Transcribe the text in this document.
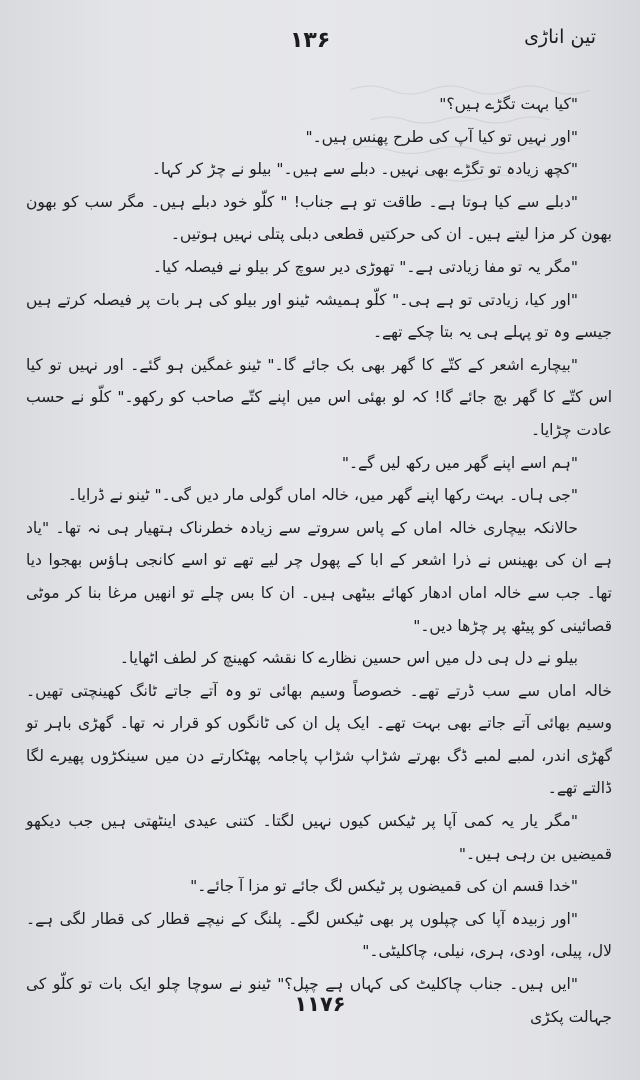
۱۳۶	تین اناڑی

"کیا بہت تگڑے ہیں؟"

"اور نہیں تو کیا آپ کی طرح پھنس ہیں۔"

"کچھ زیادہ تو تگڑے بھی نہیں۔ دبلے سے ہیں۔" بیلو نے چڑ کر کہا۔

"دبلے سے کیا ہوتا ہے۔ طاقت تو ہے جناب! " کلّو خود دبلے ہیں۔ مگر سب کو بھون بھون کر مزا لیتے ہیں۔ ان کی حرکتیں قطعی دبلی پتلی نہیں ہوتیں۔

"مگر یہ تو مفا زیادتی ہے۔" تھوڑی دیر سوچ کر بیلو نے فیصلہ کیا۔

"اور کیا، زیادتی تو ہے ہی۔" کلّو ہمیشہ ٹینو اور بیلو کی ہر بات پر فیصلہ کرتے ہیں جیسے وہ تو پہلے ہی یہ بتا چکے تھے۔

"بیچارے اشعر کے کتّے کا گھر بھی بک جائے گا۔" ٹینو غمگین ہو گئے۔ اور نہیں تو کیا اس کتّے کا گھر بچ جائے گا! کہ لو بھئی اس میں اپنے کتّے صاحب کو رکھو۔" کلّو نے حسب عادت چڑایا۔

"ہم اسے اپنے گھر میں رکھ لیں گے۔"

"جی ہاں۔ بہت رکھا اپنے گھر میں، خالہ اماں گولی مار دیں گی۔" ٹینو نے ڈرایا۔

حالانکہ بیچاری خالہ اماں کے پاس سروتے سے زیادہ خطرناک ہتھیار ہی نہ تھا۔ "یاد ہے ان کی بھینس نے ذرا اشعر کے ابا کے پھول چر لیے تھے تو اسے کانجی ہاؤس بھجوا دیا تھا۔ جب سے خالہ اماں ادھار کھائے بیٹھی ہیں۔ ان کا بس چلے تو انھیں مرغا بنا کر موٹی قصائینی کو پیٹھ پر چڑھا دیں۔"

بیلو نے دل ہی دل میں اس حسین نظارے کا نقشہ کھینچ کر لطف اٹھایا۔

خالہ اماں سے سب ڈرتے تھے۔ خصوصاً وسیم بھائی تو وہ آتے جاتے ٹانگ کھینچتی تھیں۔ وسیم بھائی آتے جاتے بھی بہت تھے۔ ایک پل ان کی ٹانگوں کو قرار نہ تھا۔ گھڑی باہر تو گھڑی اندر، لمبے لمبے ڈگ بھرتے شڑاپ شڑاپ پاجامہ پھٹکارتے دن میں سینکڑوں پھیرے لگا ڈالتے تھے۔

"مگر یار یہ کمی آپا پر ٹیکس کیوں نہیں لگتا۔ کتنی عیدی اینٹھتی ہیں جب دیکھو قمیضیں بن رہی ہیں۔"

"خدا قسم ان کی قمیضوں پر ٹیکس لگ جائے تو مزا آ جائے۔"

"اور زبیدہ آپا کی چپلوں پر بھی ٹیکس لگے۔ پلنگ کے نیچے قطار کی قطار لگی ہے۔ لال، پیلی، اودی، ہری، نیلی، چاکلیٹی۔"

"ایں ہیں۔ جناب چاکلیٹ کی کہاں ہے چپل؟" ٹینو نے سوچا چلو ایک بات تو کلّو کی جہالت پکڑی

۱۱۷۶
